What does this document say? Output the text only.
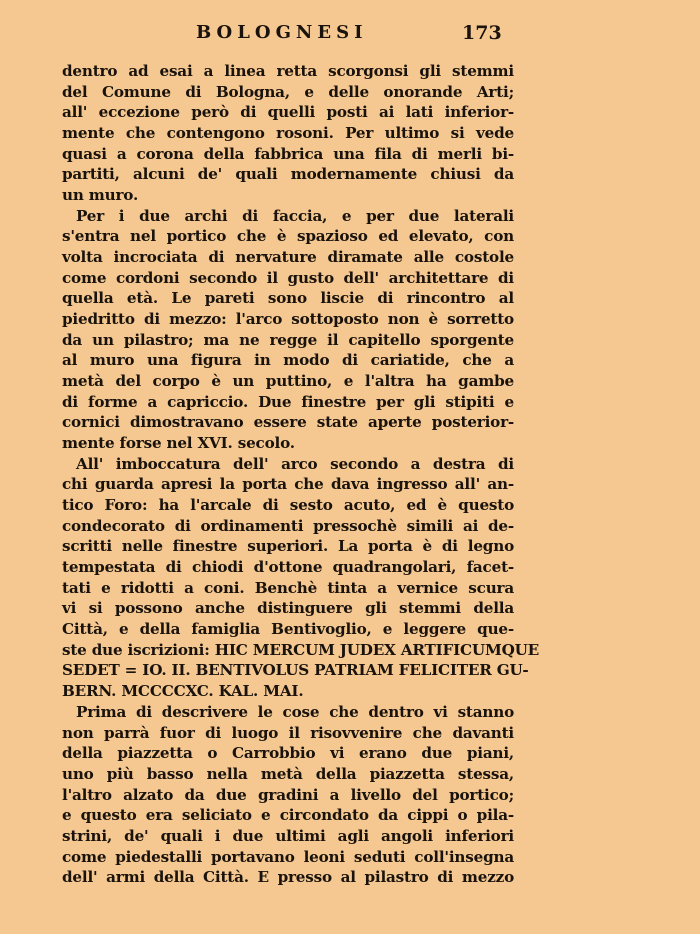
BOLOGNESI	173
dentro ad esai a linea retta scorgonsi gli stemmi
del Comune di Bologna, e delle onorande Arti;
all' eccezione però di quelli posti ai lati inferior-
mente che contengono rosoni. Per ultimo si vede
quasi a corona della fabbrica una fila di merli bi-
partiti, alcuni de' quali modernamente chiusi da
un muro.
Per i due archi di faccia, e per due laterali
s'entra nel portico che è spazioso ed elevato, con
volta incrociata di nervature diramate alle costole
come cordoni secondo il gusto dell' architettare di
quella età. Le pareti sono liscie di rincontro al
piedritto di mezzo: l'arco sottoposto non è sorretto
da un pilastro; ma ne regge il capitello sporgente
al muro una figura in modo di cariatide, che a
metà del corpo è un puttino, e l'altra ha gambe
di forme a capriccio. Due finestre per gli stipiti e
cornici dimostravano essere state aperte posterior-
mente forse nel XVI. secolo.
All' imboccatura dell' arco secondo a destra di
chi guarda apresi la porta che dava ingresso all' an-
tico Foro: ha l'arcale di sesto acuto, ed è questo
condecorato di ordinamenti pressochè simili ai de-
scritti nelle finestre superiori. La porta è di legno
tempestata di chiodi d'ottone quadrangolari, facet-
tati e ridotti a coni. Benchè tinta a vernice scura
vi si possono anche distinguere gli stemmi della
Città, e della famiglia Bentivoglio, e leggere que-
ste due iscrizioni: HIC MERCUM JUDEX ARTIFICUMQUE
SEDET = IO. II. BENTIVOLUS PATRIAM FELICITER GU-
BERN. MCCCCXC. KAL. MAI.
Prima di descrivere le cose che dentro vi stanno
non parrà fuor di luogo il risovvenire che davanti
della piazzetta o Carrobbio vi erano due piani,
uno più basso nella metà della piazzetta stessa,
l'altro alzato da due gradini a livello del portico;
e questo era seliciato e circondato da cippi o pila-
strini, de' quali i due ultimi agli angoli inferiori
come piedestalli portavano leoni seduti coll'insegna
dell' armi della Città. E presso al pilastro di mezzo
